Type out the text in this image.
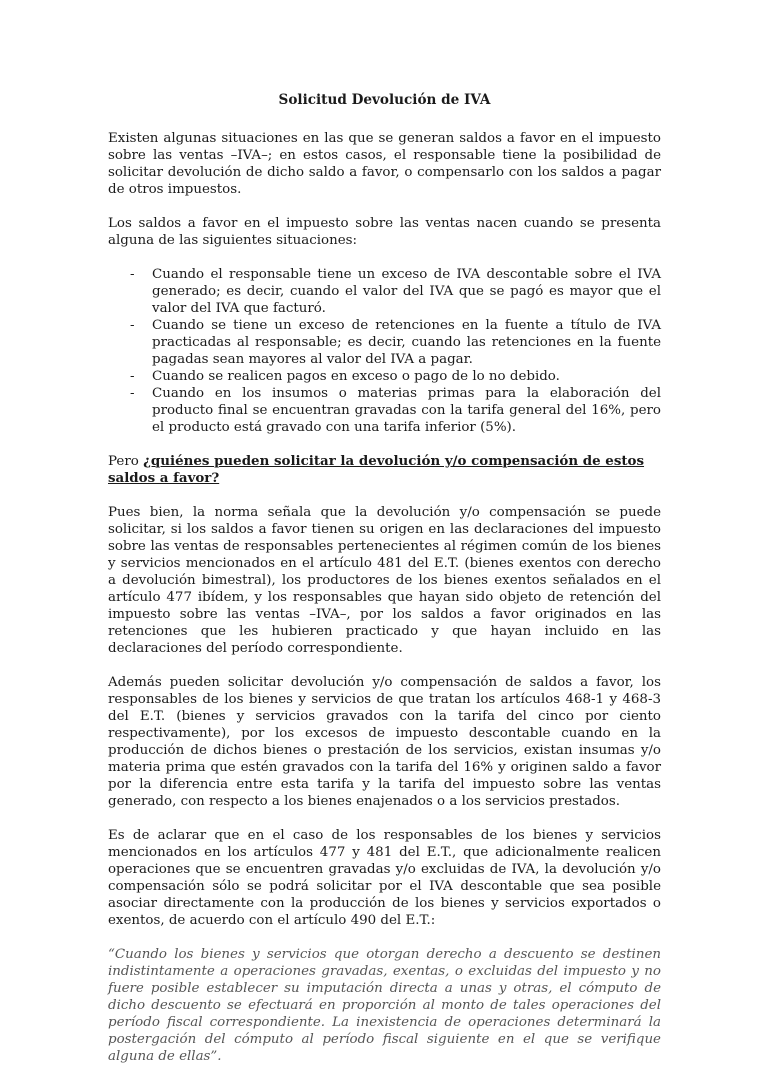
Solicitud Devolución de IVA

Existen algunas situaciones en las que se generan saldos a favor en el impuesto sobre las ventas –IVA–; en estos casos, el responsable tiene la posibilidad de solicitar devolución de dicho saldo a favor, o compensarlo con los saldos a pagar de otros impuestos.

Los saldos a favor en el impuesto sobre las ventas nacen cuando se presenta alguna de las siguientes situaciones:

- Cuando el responsable tiene un exceso de IVA descontable sobre el IVA generado; es decir, cuando el valor del IVA que se pagó es mayor que el valor del IVA que facturó.
- Cuando se tiene un exceso de retenciones en la fuente a título de IVA practicadas al responsable; es decir, cuando las retenciones en la fuente pagadas sean mayores al valor del IVA a pagar.
- Cuando se realicen pagos en exceso o pago de lo no debido.
- Cuando en los insumos o materias primas para la elaboración del producto final se encuentran gravadas con la tarifa general del 16%, pero el producto está gravado con una tarifa inferior (5%).
Pero ¿quiénes pueden solicitar la devolución y/o compensación de estos saldos a favor?

Pues bien, la norma señala que la devolución y/o compensación se puede solicitar, si los saldos a favor tienen su origen en las declaraciones del impuesto sobre las ventas de responsables pertenecientes al régimen común de los bienes y servicios mencionados en el artículo 481 del E.T. (bienes exentos con derecho a devolución bimestral), los productores de los bienes exentos señalados en el artículo 477 ibídem, y los responsables que hayan sido objeto de retención del impuesto sobre las ventas –IVA–, por los saldos a favor originados en las retenciones que les hubieren practicado y que hayan incluido en las declaraciones del período correspondiente.

Además pueden solicitar devolución y/o compensación de saldos a favor, los responsables de los bienes y servicios de que tratan los artículos 468-1 y 468-3 del E.T. (bienes y servicios gravados con la tarifa del cinco por ciento respectivamente), por los excesos de impuesto descontable cuando en la producción de dichos bienes o prestación de los servicios, existan insumas y/o materia prima que estén gravados con la tarifa del 16% y originen saldo a favor por la diferencia entre esta tarifa y la tarifa del impuesto sobre las ventas generado, con respecto a los bienes enajenados o a los servicios prestados.

Es de aclarar que en el caso de los responsables de los bienes y servicios mencionados en los artículos 477 y 481 del E.T., que adicionalmente realicen operaciones que se encuentren gravadas y/o excluidas de IVA, la devolución y/o compensación sólo se podrá solicitar por el IVA descontable que sea posible asociar directamente con la producción de los bienes y servicios exportados o exentos, de acuerdo con el artículo 490 del E.T.:

“Cuando los bienes y servicios que otorgan derecho a descuento se destinen indistintamente a operaciones gravadas, exentas, o excluidas del impuesto y no fuere posible establecer su imputación directa a unas y otras, el cómputo de dicho descuento se efectuará en proporción al monto de tales operaciones del período fiscal correspondiente. La inexistencia de operaciones determinará la postergación del cómputo al período fiscal siguiente en el que se verifique alguna de ellas”.
